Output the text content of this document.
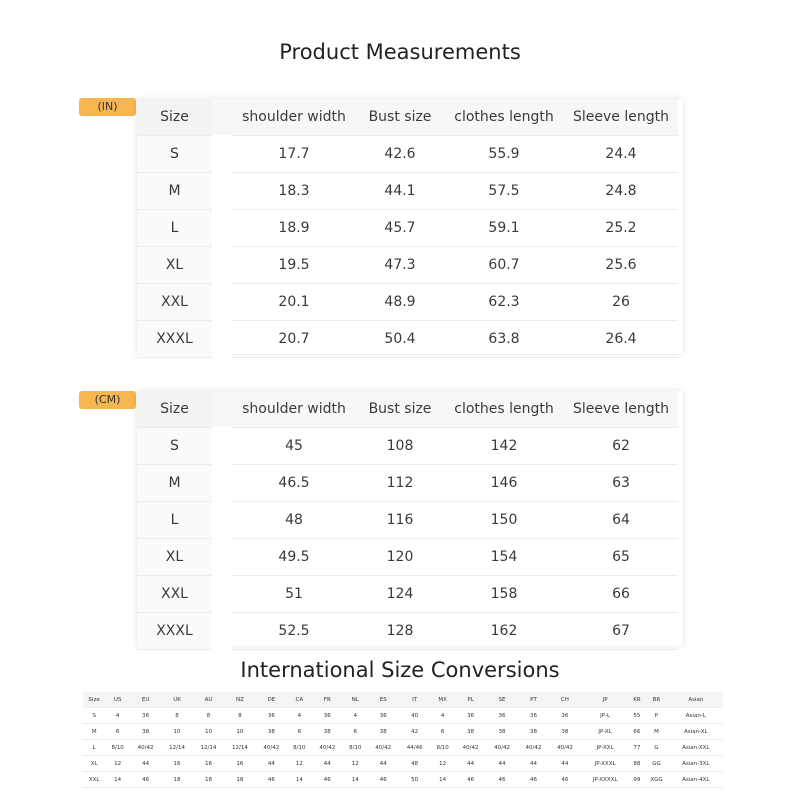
Product Measurements
(IN)
Size		shoulder width	Bust size	clothes length	Sleeve length
S		17.7	42.6	55.9	24.4
M		18.3	44.1	57.5	24.8
L		18.9	45.7	59.1	25.2
XL		19.5	47.3	60.7	25.6
XXL		20.1	48.9	62.3	26
XXXL		20.7	50.4	63.8	26.4
(CM)
Size		shoulder width	Bust size	clothes length	Sleeve length
S		45	108	142	62
M		46.5	112	146	63
L		48	116	150	64
XL		49.5	120	154	65
XXL		51	124	158	66
XXXL		52.5	128	162	67
International Size Conversions
Size	US	EU	UK	AU	NZ	DE	CA	FR	NL	ES	IT	MX	PL	SE	PT	CH	JP	KR	BR	Asian
S	4	36	8	8	8	36	4	36	4	36	40	4	36	36	36	36	JP-L	55	P	Asian-L
M	6	38	10	10	10	38	6	38	6	38	42	6	38	38	38	38	JP-XL	66	M	Asian-XL
L	8/10	40/42	12/14	12/14	12/14	40/42	8/10	40/42	8/10	40/42	44/46	8/10	40/42	40/42	40/42	40/42	JP-XXL	77	G	Asian-XXL
XL	12	44	16	16	16	44	12	44	12	44	48	12	44	44	44	44	JP-XXXL	88	GG	Asian-3XL
XXL	14	46	18	18	18	46	14	46	14	46	50	14	46	46	46	46	JP-XXXXL	99	XGG	Asian-4XL
